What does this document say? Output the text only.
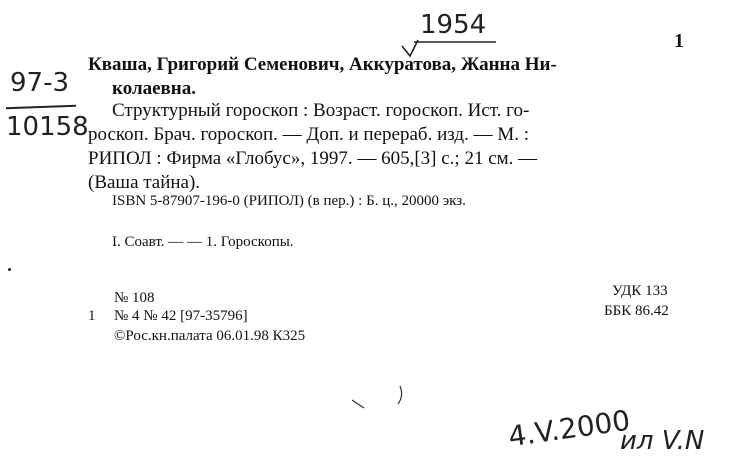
1954
97-3
10158
1
Кваша, Григорий Семенович, Аккуратова, Жанна Ни-
колаевна.
Структурный гороскоп : Возраст. гороскоп. Ист. го-
роскоп. Брач. гороскоп. — Доп. и перераб. изд. — М. :
РИПОЛ : Фирма «Глобус», 1997. — 605,[3] с.; 21 см. —
(Ваша тайна).
ISBN 5-87907-196-0 (РИПОЛ) (в пер.) : Б. ц., 20000 экз.
I. Соавт. — — 1. Гороскопы.
№ 108
1 № 4 № 42 [97-35796]
©Рос.кн.палата 06.01.98 К325
УДК 133
ББК 86.42
4.V.2000
ил V.N
